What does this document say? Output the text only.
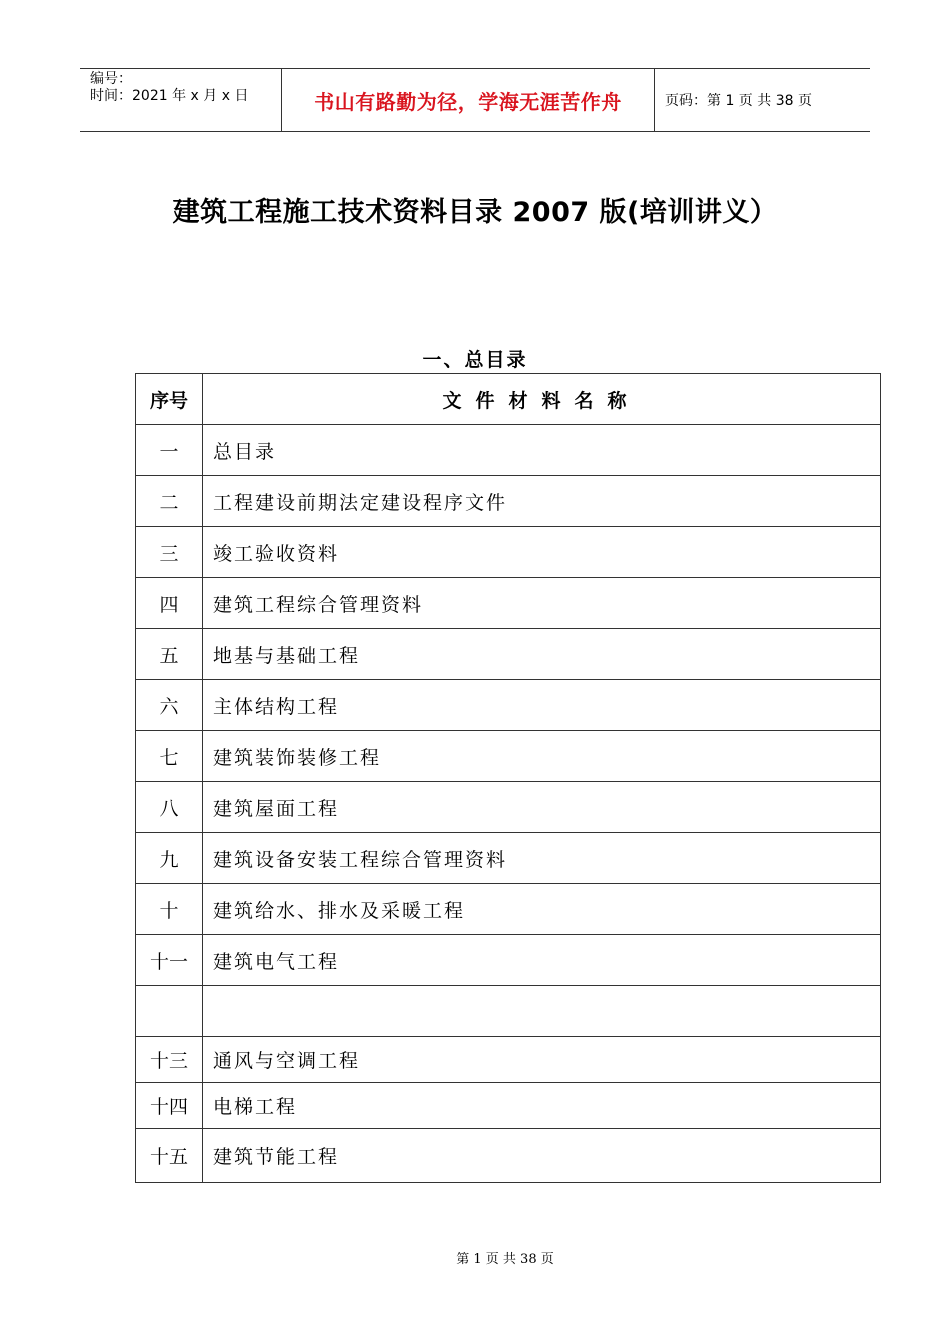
编号：
时间：2021 年 x 月 x 日	书山有路勤为径，学海无涯苦作舟	页码：第 1 页 共 38 页
建筑工程施工技术资料目录 2007 版(培训讲义）
一、总目录
序号	文件材料名称
一	总目录
二	工程建设前期法定建设程序文件
三	竣工验收资料
四	建筑工程综合管理资料
五	地基与基础工程
六	主体结构工程
七	建筑装饰装修工程
八	建筑屋面工程
九	建筑设备安装工程综合管理资料
十	建筑给水、排水及采暖工程
十一	建筑电气工程

十三	通风与空调工程
十四	电梯工程
十五	建筑节能工程
第 1 页 共 38 页
